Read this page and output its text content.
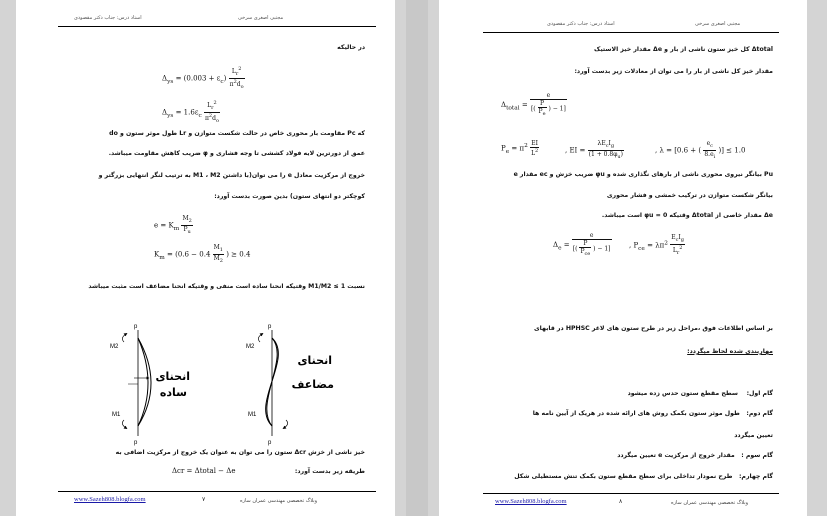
استاد درس: جناب دکتر مقصودی	مجتبی اصغری سرخی
در حالیکه
$\Delta_{ys} = (0.003 + \varepsilon_c) \frac{L_r^2}{\pi^2d_o}$
$\Delta_{ys} = 1.6\varepsilon_c \frac{L_r^2}{\pi^2d_o}$
که Pc مقاومت بار محوری خاص در حالت شکست متوازن و Lr طول موثر ستون و do
عمق از دورترین لایه فولاد کششی تا وجه فشاری و φ ضریب کاهش مقاومت میباشد.
خروج از مرکزیت معادل e را می توان(با داشتن M1 ، M2 به ترتیب لنگر انتهایی بزرگتر و
کوچکتر دو انتهای ستون) بدین صورت بدست آورد:
$e = K_m \frac{M_2}{P_u}$
$K_m = (0.6 - 0.4 \frac{M_1}{M_2}$ ) ≥ 0.4
نسبت M1/M2 ≤ 1 وقتیکه انحنا ساده است منفی و وقتیکه انحنا مضاعف است مثبت میباشد
p
p
M2
M1
انحنای
ساده
p
p
M2
M1
انحنای
مضاعف
خیز ناشی از خزش Δcr ستون را می توان به عنوان یک خروج از مرکزیت اضافی به
طریقه زیر بدست آورد:
Δcr = Δtotal − Δe
www.Sazeh808.blogfa.com	۷	وبلاگ تخصصی مهندسی عمران سازه
استاد درس: جناب دکتر مقصودی	مجتبی اصغری سرخی
Δtotal کل خیز ستون ناشی از بار و Δe مقدار خیز الاستیک
مقدار خیز کل ناشی از بار را می توان از معادلات زیر بدست آورد:
$\Delta_{total} = \frac{e}{[( \frac{P}{P_e} ) - 1]}$
$P_e = \pi^2 \frac{EI}{L^2}$	, EI = $\frac{\lambda E_cI_g}{(1 + 0.8\varphi_u)}$	, λ = [0.6 + ( $\frac{e_c}{8.e_i}$ )] ≤ 1.0
Pu بیانگر نیروی محوری ناشی از بارهای نگذاری شده و φu ضریب خزش و ec مقدار e
بیانگر شکست متوازن در ترکیب خمشی و فشار محوری
Δe مقدار خاصی از Δtotal وقتیکه φu = 0 است میباشد.
$\Delta_e = \frac{e}{[( \frac{P}{P_{ce}} ) - 1]}$ , $P_{ce} = \lambda\pi^2 \frac{E_cI_g}{L_r^2}$
بر اساس اطلاعات فوق ،مراحل زیر در طرح ستون های لاغر HPHSC در قابهای
مهاربندی شده لحاظ میگردد:
گام اول:    سطح مقطع ستون حدس زده میشود
گام دوم:   طول موثر ستون بکمک روش های ارائه شده در هریک از آیین نامه ها
تعیین میگردد
گام سوم :   مقدار خروج از مرکزیت e تعیین میگردد
گام چهارم:   طرح نمودار تداخلی برای سطح مقطع ستون بکمک تنش مستطیلی شکل
www.Sazeh808.blogfa.com	۸	وبلاگ تخصصی مهندسی عمران سازه
